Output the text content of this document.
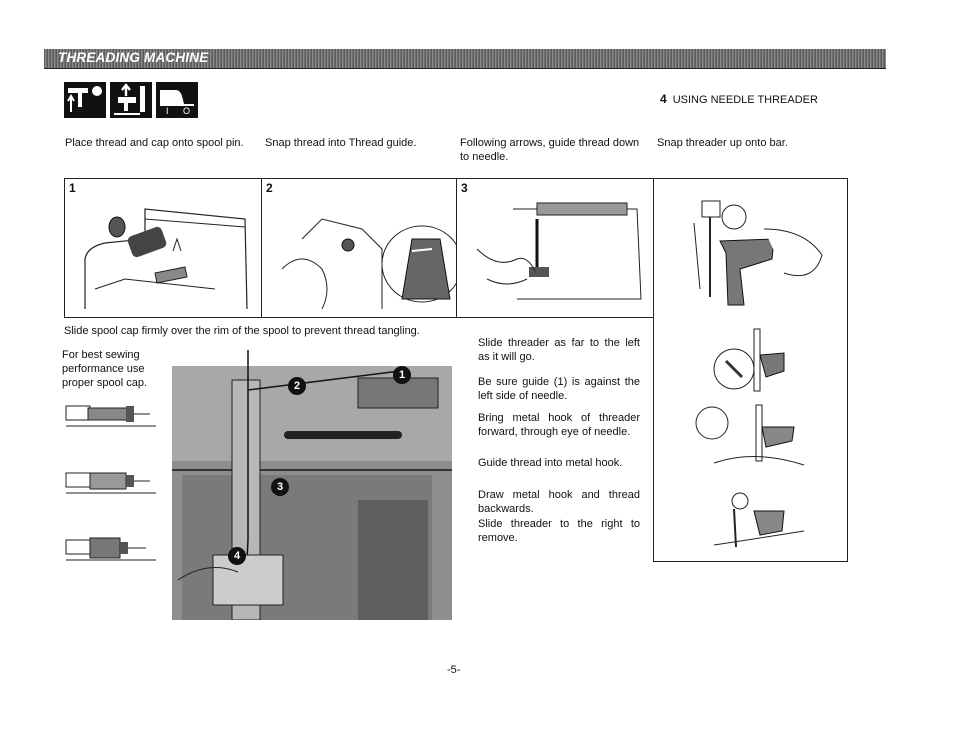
THREADING MACHINE
I O
4 USING NEEDLE THREADER
Place thread and cap onto spool pin.	Snap thread into Thread guide.	Following arrows, guide thread down to needle.
Snap threader up onto bar.
1	2	3
Slide spool cap firmly over the rim of the spool to prevent thread tangling.
For best sewing performance use proper spool cap.
1
2
3
4
Slide threader as far to the left as it will go.
Be sure guide (1) is against the left side of needle.
Bring metal hook of threader forward, through eye of needle.
Guide thread into metal hook.
Draw metal hook and thread backwards.
Slide threader to the right to remove.
-5-
